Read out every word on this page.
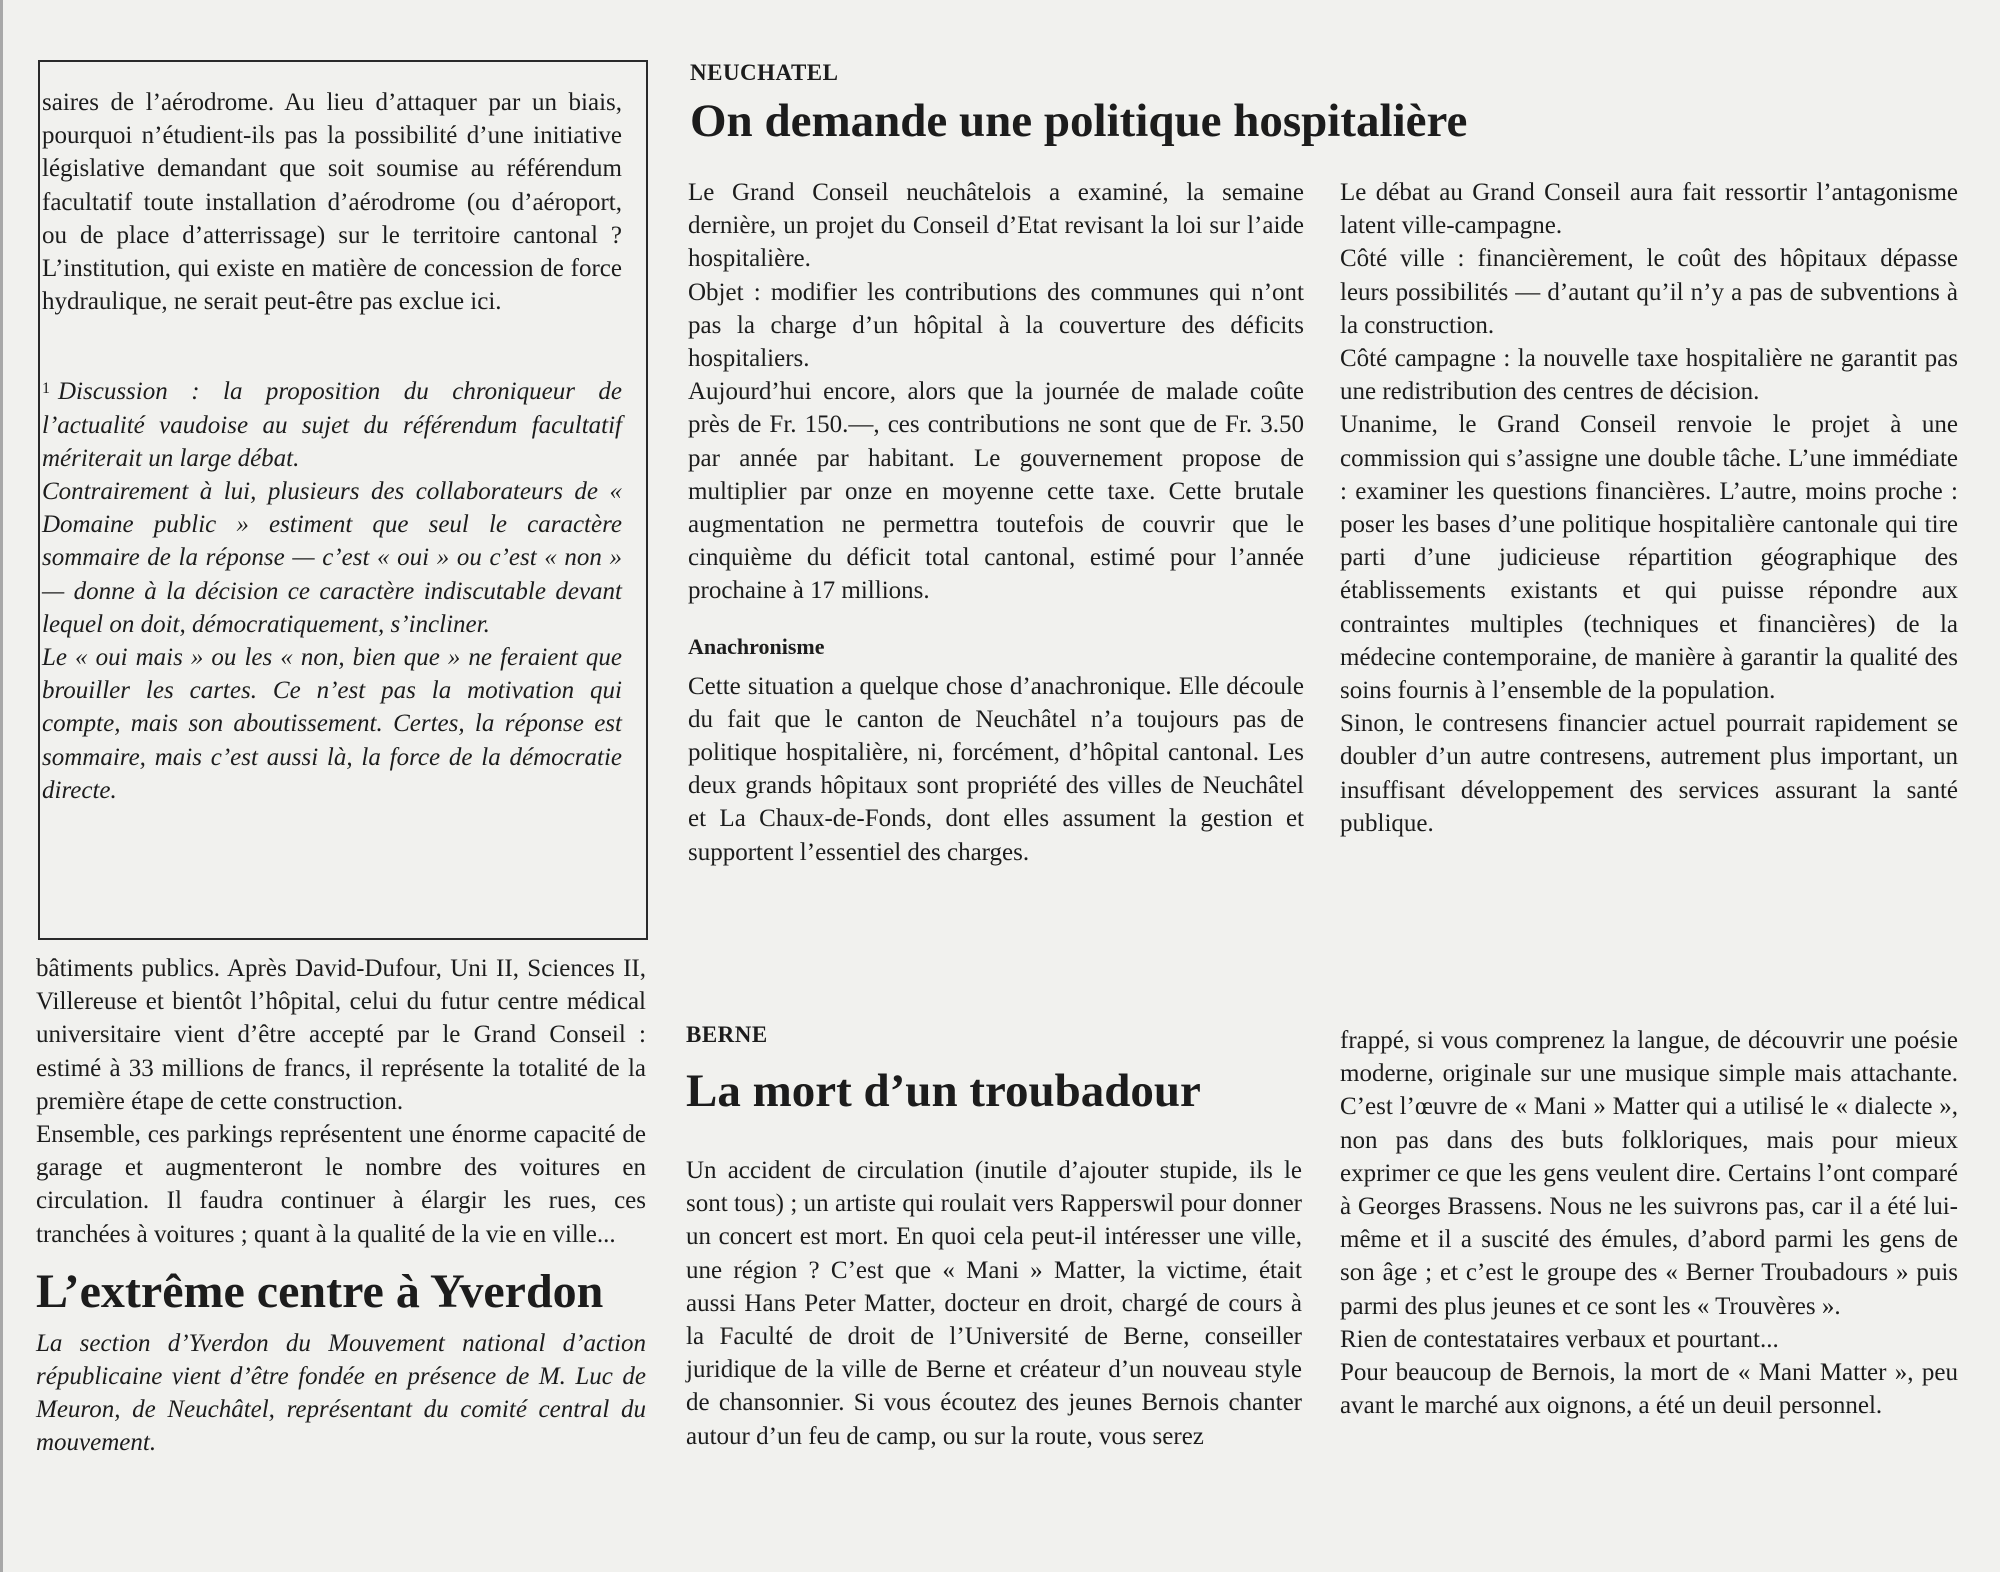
saires de l’aérodrome. Au lieu d’attaquer par un biais, pourquoi n’étudient-ils pas la possibilité d’une initiative législative demandant que soit soumise au référendum facultatif toute installation d’aérodrome (ou d’aéroport, ou de place d’atterrissage) sur le territoire cantonal ? L’institution, qui existe en matière de concession de force hydraulique, ne serait peut-être pas exclue ici.

$^1$ Discussion : la proposition du chroniqueur de l’actualité vaudoise au sujet du référendum facultatif mériterait un large débat.

Contrairement à lui, plusieurs des collaborateurs de « Domaine public » estiment que seul le caractère sommaire de la réponse — c’est « oui » ou c’est « non » — donne à la décision ce caractère indiscutable devant lequel on doit, démocratiquement, s’incliner.

Le « oui mais » ou les « non, bien que » ne feraient que brouiller les cartes. Ce n’est pas la motivation qui compte, mais son aboutissement. Certes, la réponse est sommaire, mais c’est aussi là, la force de la démocratie directe.

bâtiments publics. Après David-Dufour, Uni II, Sciences II, Villereuse et bientôt l’hôpital, celui du futur centre médical universitaire vient d’être accepté par le Grand Conseil : estimé à 33 millions de francs, il représente la totalité de la première étape de cette construction.

Ensemble, ces parkings représentent une énorme capacité de garage et augmenteront le nombre des voitures en circulation. Il faudra continuer à élargir les rues, ces tranchées à voitures ; quant à la qualité de la vie en ville...

L’extrême centre à Yverdon

La section d’Yverdon du Mouvement national d’action républicaine vient d’être fondée en présence de M. Luc de Meuron, de Neuchâtel, représentant du comité central du mouvement.

NEUCHATEL
On demande une politique hospitalière

Le Grand Conseil neuchâtelois a examiné, la semaine dernière, un projet du Conseil d’Etat revisant la loi sur l’aide hospitalière.

Objet : modifier les contributions des communes qui n’ont pas la charge d’un hôpital à la couverture des déficits hospitaliers.

Aujourd’hui encore, alors que la journée de malade coûte près de Fr. 150.—, ces contributions ne sont que de Fr. 3.50 par année par habitant. Le gouvernement propose de multiplier par onze en moyenne cette taxe. Cette brutale augmentation ne permettra toutefois de couvrir que le cinquième du déficit total cantonal, estimé pour l’année prochaine à 17 millions.

Anachronisme

Cette situation a quelque chose d’anachronique. Elle découle du fait que le canton de Neuchâtel n’a toujours pas de politique hospitalière, ni, forcément, d’hôpital cantonal. Les deux grands hôpitaux sont propriété des villes de Neuchâtel et La Chaux-de-Fonds, dont elles assument la gestion et supportent l’essentiel des charges.

Le débat au Grand Conseil aura fait ressortir l’antagonisme latent ville-campagne.

Côté ville : financièrement, le coût des hôpitaux dépasse leurs possibilités — d’autant qu’il n’y a pas de subventions à la construction.

Côté campagne : la nouvelle taxe hospitalière ne garantit pas une redistribution des centres de décision.

Unanime, le Grand Conseil renvoie le projet à une commission qui s’assigne une double tâche. L’une immédiate : examiner les questions financières. L’autre, moins proche : poser les bases d’une politique hospitalière cantonale qui tire parti d’une judicieuse répartition géographique des établissements existants et qui puisse répondre aux contraintes multiples (techniques et financières) de la médecine contemporaine, de manière à garantir la qualité des soins fournis à l’ensemble de la population.

Sinon, le contresens financier actuel pourrait rapidement se doubler d’un autre contresens, autrement plus important, un insuffisant développement des services assurant la santé publique.

BERNE
La mort d’un troubadour

Un accident de circulation (inutile d’ajouter stupide, ils le sont tous) ; un artiste qui roulait vers Rapperswil pour donner un concert est mort. En quoi cela peut-il intéresser une ville, une région ? C’est que « Mani » Matter, la victime, était aussi Hans Peter Matter, docteur en droit, chargé de cours à la Faculté de droit de l’Université de Berne, conseiller juridique de la ville de Berne et créateur d’un nouveau style de chansonnier. Si vous écoutez des jeunes Bernois chanter autour d’un feu de camp, ou sur la route, vous serez

frappé, si vous comprenez la langue, de découvrir une poésie moderne, originale sur une musique simple mais attachante. C’est l’œuvre de « Mani » Matter qui a utilisé le « dialecte », non pas dans des buts folkloriques, mais pour mieux exprimer ce que les gens veulent dire. Certains l’ont comparé à Georges Brassens. Nous ne les suivrons pas, car il a été lui-même et il a suscité des émules, d’abord parmi les gens de son âge ; et c’est le groupe des « Berner Troubadours » puis parmi des plus jeunes et ce sont les « Trouvères ».

Rien de contestataires verbaux et pourtant...

Pour beaucoup de Bernois, la mort de « Mani Matter », peu avant le marché aux oignons, a été un deuil personnel.
